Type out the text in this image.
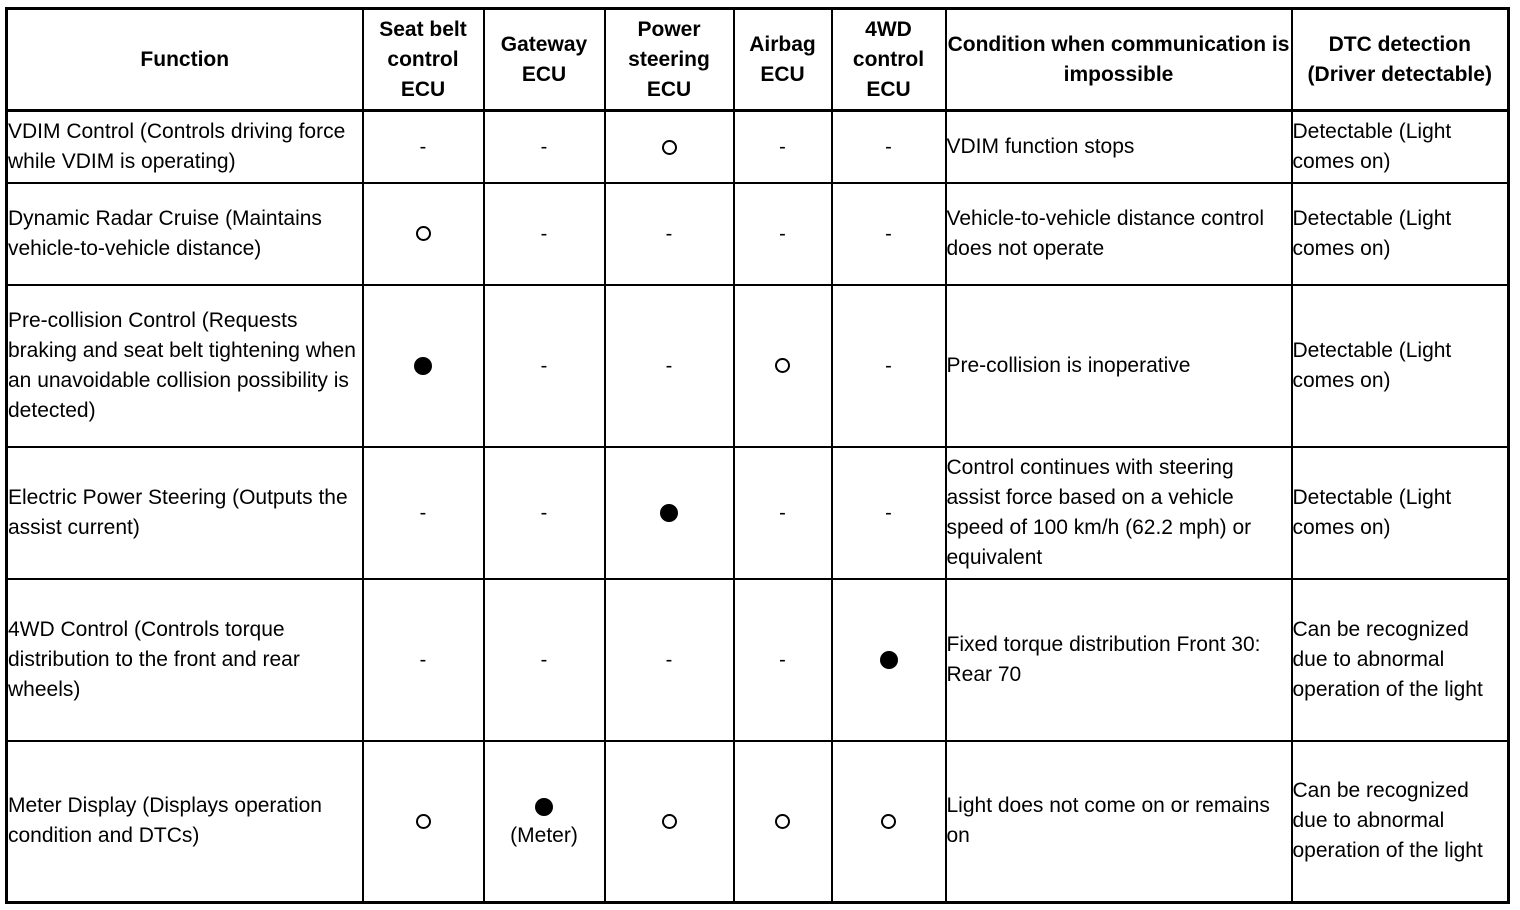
Function	Seat belt control ECU	Gateway ECU	Power steering ECU	Airbag ECU	4WD control ECU	Condition when communication is impossible	DTC detection (Driver detectable)
VDIM Control (Controls driving force while VDIM is operating)	-	-		-	-	VDIM function stops	Detectable (Light comes on)
Dynamic Radar Cruise (Maintains vehicle-to-vehicle distance)		-	-	-	-	Vehicle-to-vehicle distance control does not operate	Detectable (Light comes on)
Pre-collision Control (Requests braking and seat belt tightening when an unavoidable collision possibility is detected)		-	-		-	Pre-collision is inoperative	Detectable (Light comes on)
Electric Power Steering (Outputs the assist current)	-	-		-	-	Control continues with steering assist force based on a vehicle speed of 100 km/h (62.2 mph) or equivalent	Detectable (Light comes on)
4WD Control (Controls torque distribution to the front and rear wheels)	-	-	-	-		Fixed torque distribution Front 30: Rear 70	Can be recognized due to abnormal operation of the light
Meter Display (Displays operation condition and DTCs)		(Meter)				Light does not come on or remains on	Can be recognized due to abnormal operation of the light
